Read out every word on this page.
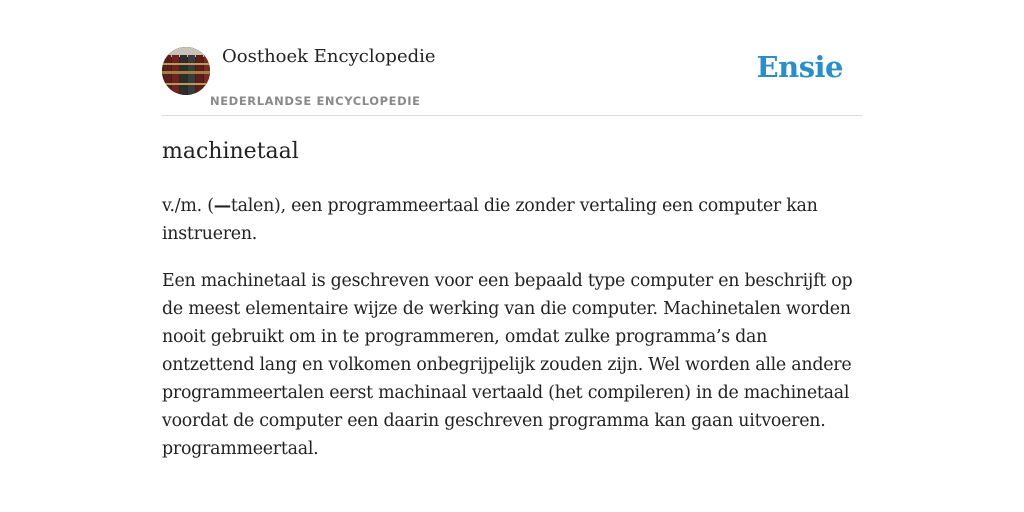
Oosthoek Encyclopedie
NEDERLANDSE ENCYCLOPEDIE
Ensie
machinetaal

v./m. (—talen), een programmeertaal die zonder vertaling een computer kan instrueren.

Een machinetaal is geschreven voor een bepaald type computer en beschrijft op de meest elementaire wijze de werking van die computer. Machinetalen worden nooit gebruikt om in te programmeren, omdat zulke programma’s dan ontzettend lang en volkomen onbegrijpelijk zouden zijn. Wel worden alle andere programmeertalen eerst machinaal vertaald (het compileren) in de machinetaal voordat de computer een daarin geschreven programma kan gaan uitvoeren. programmeertaal.
